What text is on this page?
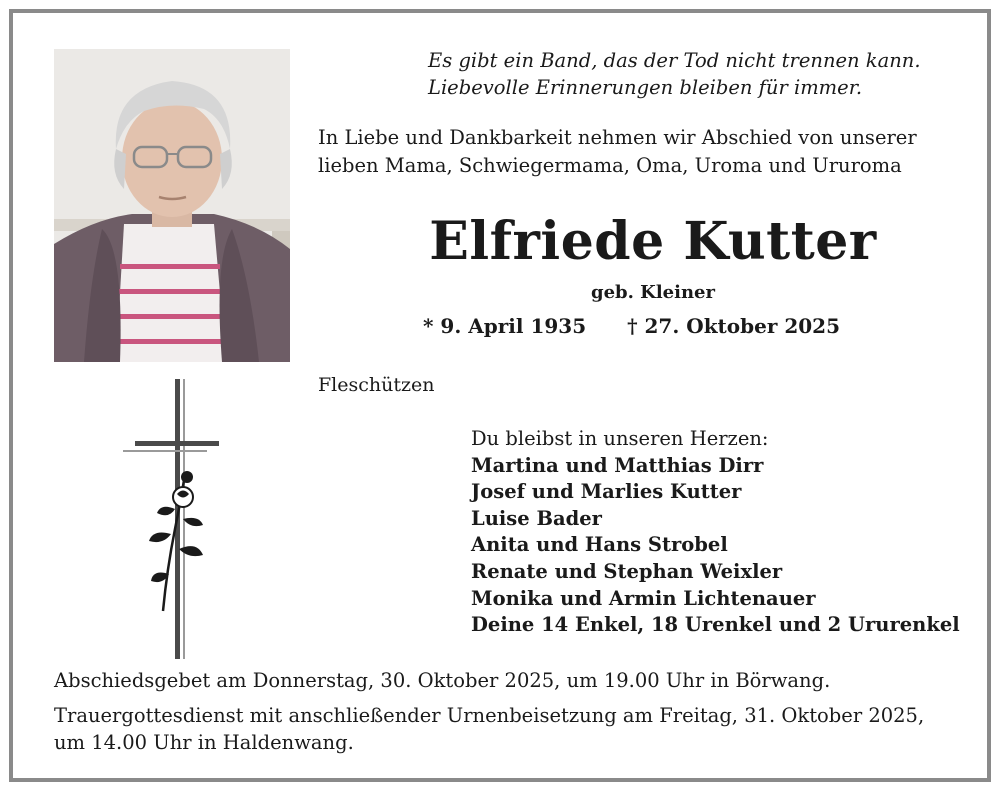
Es gibt ein Band, das der Tod nicht trennen kann.
Liebevolle Erinnerungen bleiben für immer.
In Liebe und Dankbarkeit nehmen wir Abschied von unserer
lieben Mama, Schwiegermama, Oma, Uroma und Ururoma
Elfriede Kutter
geb. Kleiner
* 9. April 1935 † 27. Oktober 2025
Fleschützen
Du bleibst in unseren Herzen:
Martina und Matthias Dirr
Josef und Marlies Kutter
Luise Bader
Anita und Hans Strobel
Renate und Stephan Weixler
Monika und Armin Lichtenauer
Deine 14 Enkel, 18 Urenkel und 2 Ururenkel
Abschiedsgebet am Donnerstag, 30. Oktober 2025, um 19.00 Uhr in Börwang.
Trauergottesdienst mit anschließender Urnenbeisetzung am Freitag, 31. Oktober 2025,
um 14.00 Uhr in Haldenwang.
